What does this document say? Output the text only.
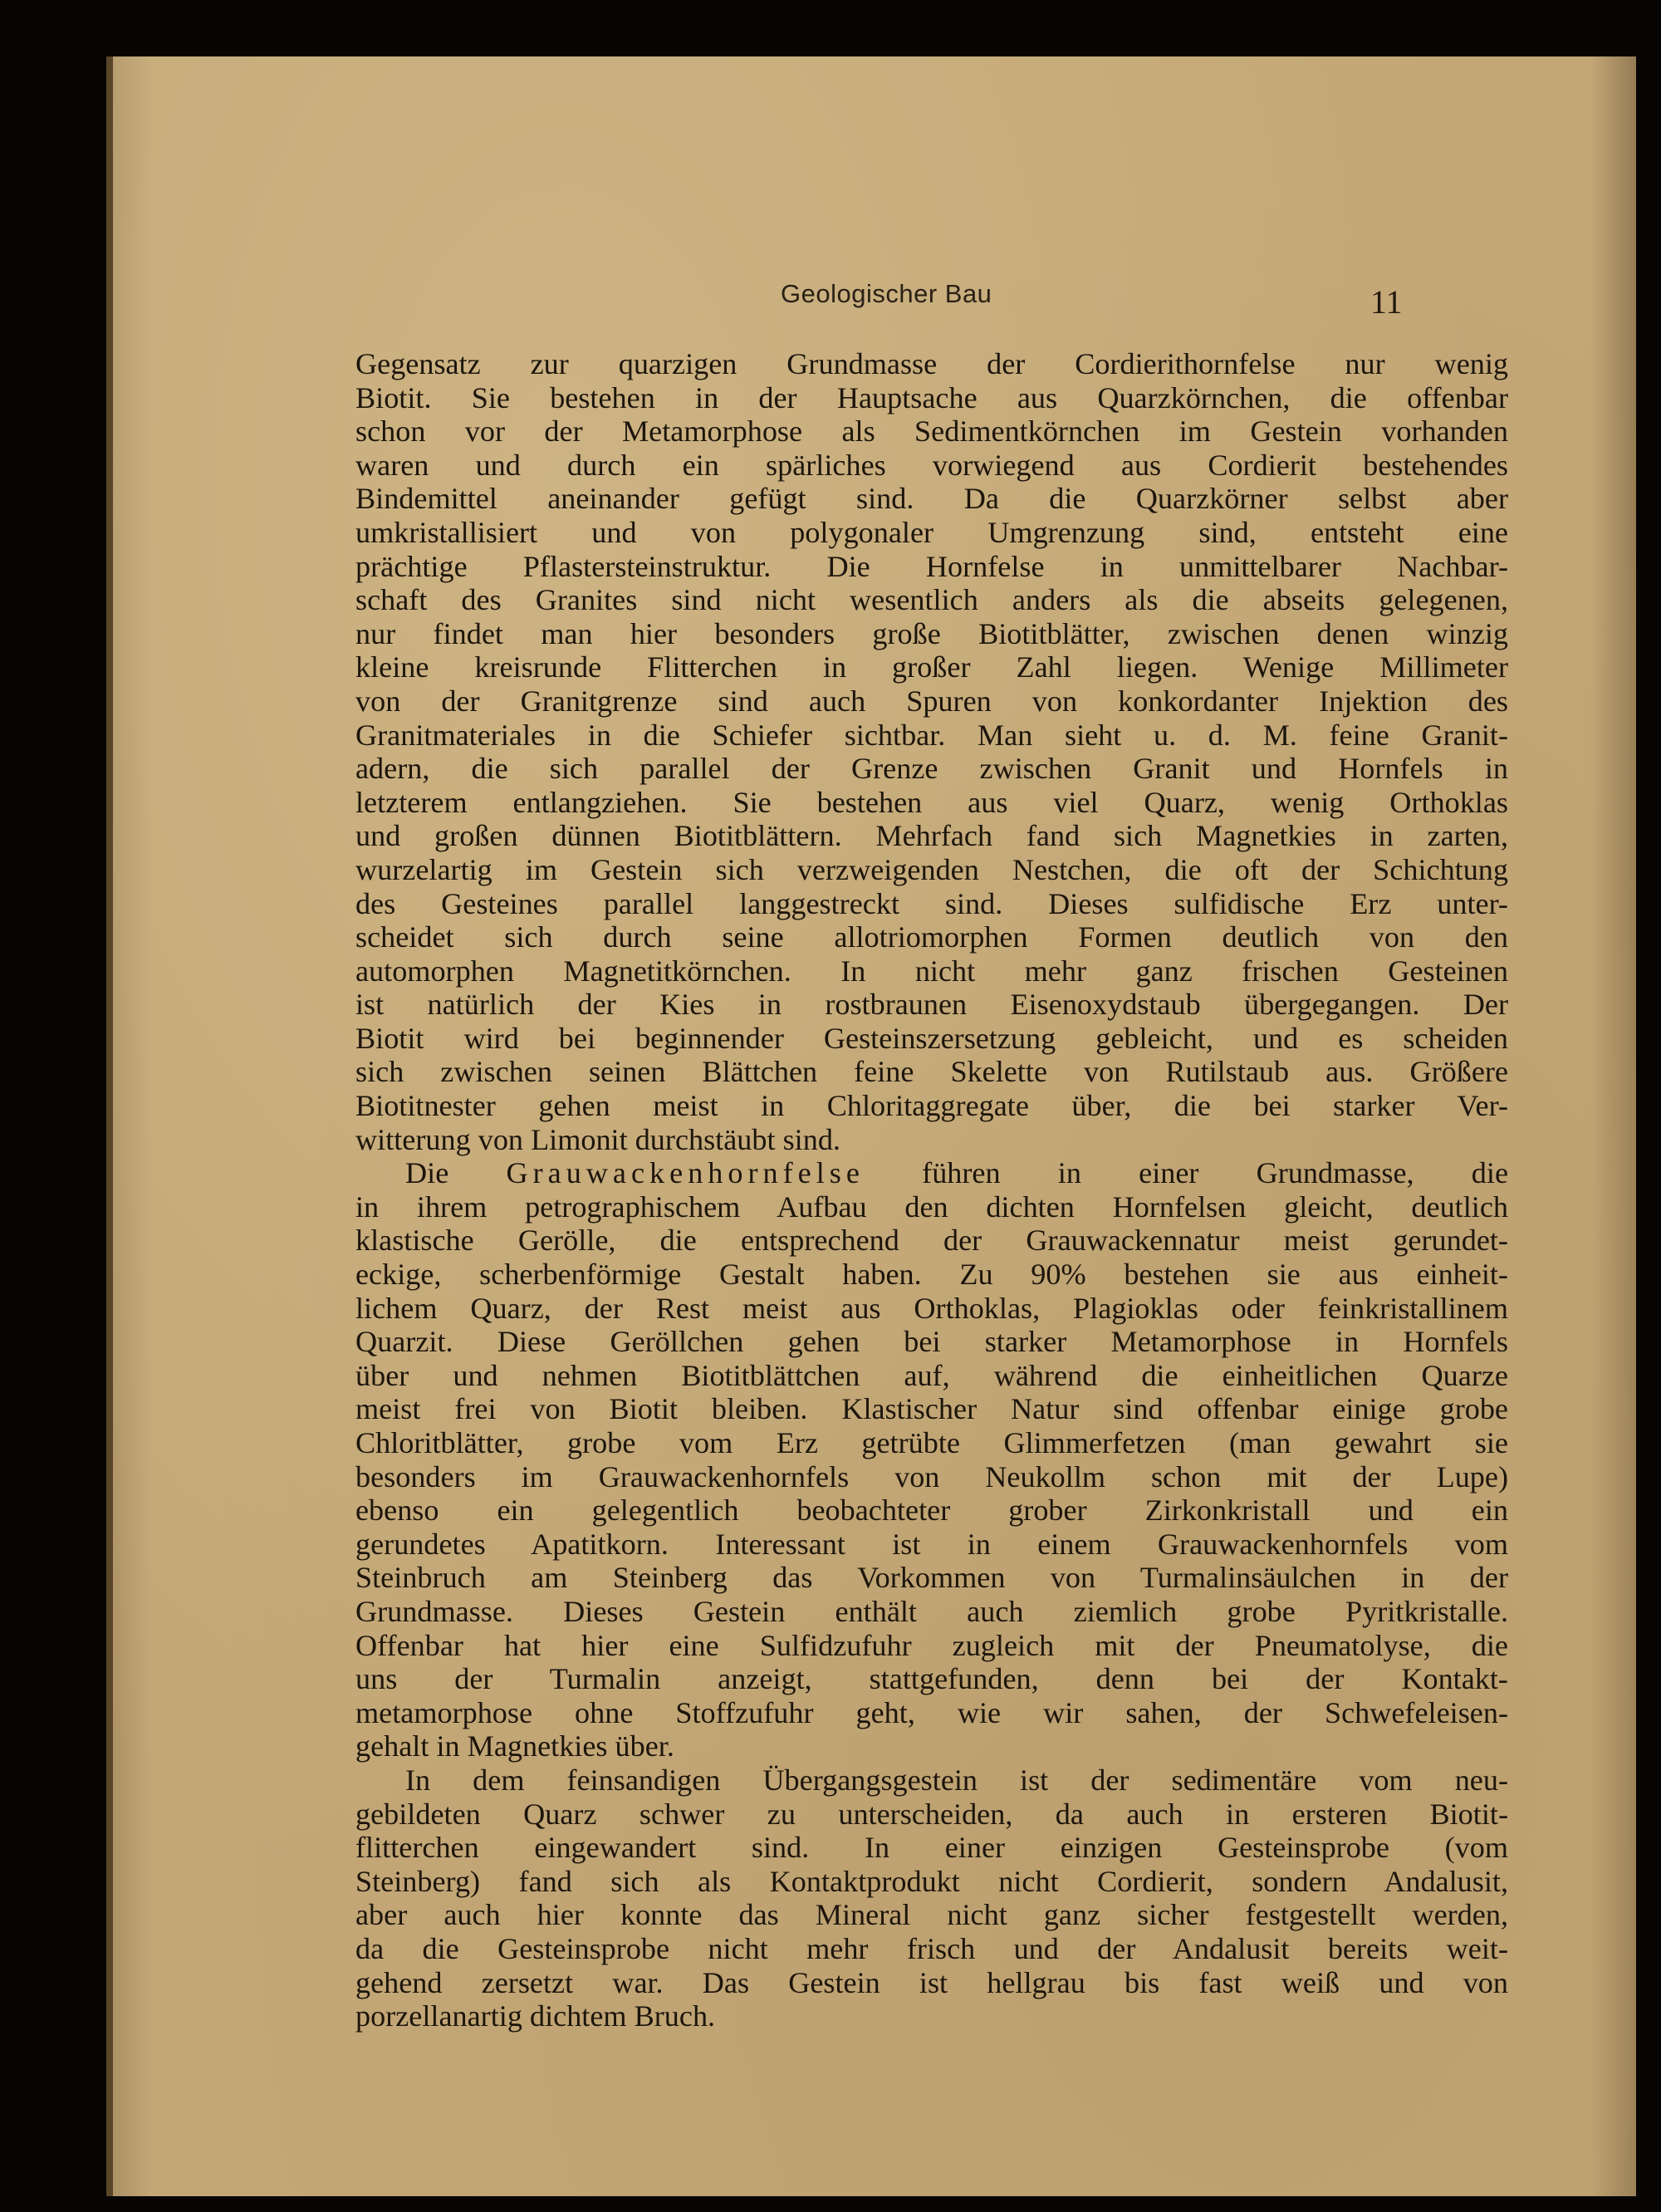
Geologischer Bau	11
Gegensatz zur quarzigen Grundmasse der Cordierithornfelse nur wenig
Biotit. Sie bestehen in der Hauptsache aus Quarzkörnchen, die offenbar
schon vor der Metamorphose als Sedimentkörnchen im Gestein vorhanden
waren und durch ein spärliches vorwiegend aus Cordierit bestehendes
Bindemittel aneinander gefügt sind. Da die Quarzkörner selbst aber
umkristallisiert und von polygonaler Umgrenzung sind, entsteht eine
prächtige Pflastersteinstruktur. Die Hornfelse in unmittelbarer Nachbar-
schaft des Granites sind nicht wesentlich anders als die abseits gelegenen,
nur findet man hier besonders große Biotitblätter, zwischen denen winzig
kleine kreisrunde Flitterchen in großer Zahl liegen. Wenige Millimeter
von der Granitgrenze sind auch Spuren von konkordanter Injektion des
Granitmateriales in die Schiefer sichtbar. Man sieht u. d. M. feine Granit-
adern, die sich parallel der Grenze zwischen Granit und Hornfels in
letzterem entlangziehen. Sie bestehen aus viel Quarz, wenig Orthoklas
und großen dünnen Biotitblättern. Mehrfach fand sich Magnetkies in zarten,
wurzelartig im Gestein sich verzweigenden Nestchen, die oft der Schichtung
des Gesteines parallel langgestreckt sind. Dieses sulfidische Erz unter-
scheidet sich durch seine allotriomorphen Formen deutlich von den
automorphen Magnetitkörnchen. In nicht mehr ganz frischen Gesteinen
ist natürlich der Kies in rostbraunen Eisenoxydstaub übergegangen. Der
Biotit wird bei beginnender Gesteinszersetzung gebleicht, und es scheiden
sich zwischen seinen Blättchen feine Skelette von Rutilstaub aus. Größere
Biotitnester gehen meist in Chloritaggregate über, die bei starker Ver-
witterung von Limonit durchstäubt sind.
Die Grauwackenhornfelse führen in einer Grundmasse, die
in ihrem petrographischem Aufbau den dichten Hornfelsen gleicht, deutlich
klastische Gerölle, die entsprechend der Grauwackennatur meist gerundet-
eckige, scherbenförmige Gestalt haben. Zu 90% bestehen sie aus einheit-
lichem Quarz, der Rest meist aus Orthoklas, Plagioklas oder feinkristallinem
Quarzit. Diese Geröllchen gehen bei starker Metamorphose in Hornfels
über und nehmen Biotitblättchen auf, während die einheitlichen Quarze
meist frei von Biotit bleiben. Klastischer Natur sind offenbar einige grobe
Chloritblätter, grobe vom Erz getrübte Glimmerfetzen (man gewahrt sie
besonders im Grauwackenhornfels von Neukollm schon mit der Lupe)
ebenso ein gelegentlich beobachteter grober Zirkonkristall und ein
gerundetes Apatitkorn. Interessant ist in einem Grauwackenhornfels vom
Steinbruch am Steinberg das Vorkommen von Turmalinsäulchen in der
Grundmasse. Dieses Gestein enthält auch ziemlich grobe Pyritkristalle.
Offenbar hat hier eine Sulfidzufuhr zugleich mit der Pneumatolyse, die
uns der Turmalin anzeigt, stattgefunden, denn bei der Kontakt-
metamorphose ohne Stoffzufuhr geht, wie wir sahen, der Schwefeleisen-
gehalt in Magnetkies über.
In dem feinsandigen Übergangsgestein ist der sedimentäre vom neu-
gebildeten Quarz schwer zu unterscheiden, da auch in ersteren Biotit-
flitterchen eingewandert sind. In einer einzigen Gesteinsprobe (vom
Steinberg) fand sich als Kontaktprodukt nicht Cordierit, sondern Andalusit,
aber auch hier konnte das Mineral nicht ganz sicher festgestellt werden,
da die Gesteinsprobe nicht mehr frisch und der Andalusit bereits weit-
gehend zersetzt war. Das Gestein ist hellgrau bis fast weiß und von
porzellanartig dichtem Bruch.
